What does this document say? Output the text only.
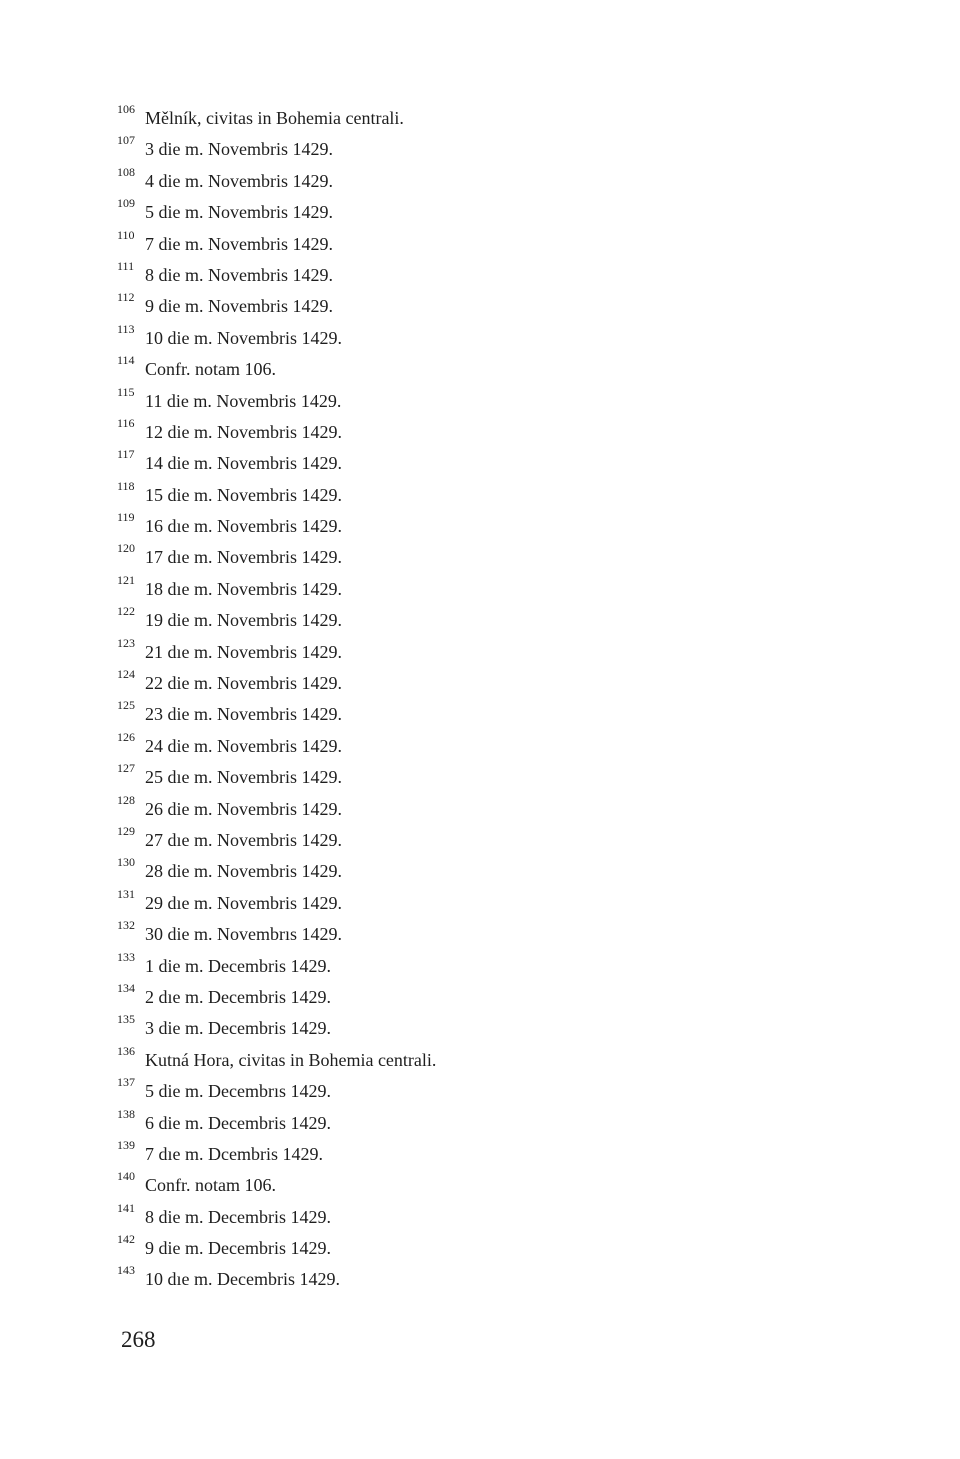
106 Mělník, civitas in Bohemia centrali.
107 3 die m. Novembris 1429.
108 4 die m. Novembris 1429.
109 5 die m. Novembris 1429.
110 7 die m. Novembris 1429.
111 8 die m. Novembris 1429.
112 9 die m. Novembris 1429.
113 10 die m. Novembris 1429.
114 Confr. notam 106.
115 11 die m. Novembris 1429.
116 12 die m. Novembris 1429.
117 14 die m. Novembris 1429.
118 15 die m. Novembris 1429.
119 16 dıe m. Novembris 1429.
120 17 dıe m. Novembris 1429.
121 18 dıe m. Novembris 1429.
122 19 die m. Novembris 1429.
123 21 dıe m. Novembris 1429.
124 22 die m. Novembris 1429.
125 23 die m. Novembris 1429.
126 24 die m. Novembris 1429.
127 25 dıe m. Novembris 1429.
128 26 die m. Novembris 1429.
129 27 dıe m. Novembris 1429.
130 28 die m. Novembris 1429.
131 29 dıe m. Novembris 1429.
132 30 die m. Novembrıs 1429.
133 1 die m. Decembris 1429.
134 2 dıe m. Decembris 1429.
135 3 die m. Decembris 1429.
136 Kutná Hora, civitas in Bohemia centrali.
137 5 die m. Decembrıs 1429.
138 6 die m. Decembris 1429.
139 7 dıe m. Dcembris 1429.
140 Confr. notam 106.
141 8 die m. Decembris 1429.
142 9 die m. Decembris 1429.
143 10 dıe m. Decembris 1429.
268
